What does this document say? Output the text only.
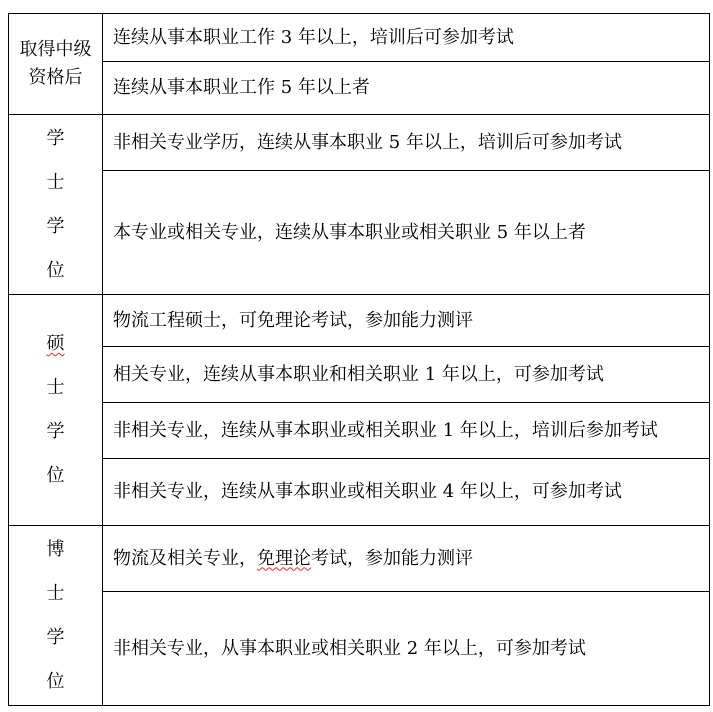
取得中级
资格后	连续从事本职业工作 3 年以上，培训后可参加考试
	连续从事本职业工作 5 年以上者

学
士
学
位	非相关专业学历，连续从事本职业 5 年以上，培训后可参加考试
	本专业或相关专业，连续从事本职业或相关职业 5 年以上者

硕
士
学
位	物流工程硕士，可免理论考试，参加能力测评
	相关专业，连续从事本职业和相关职业 1 年以上，可参加考试
	非相关专业，连续从事本职业或相关职业 1 年以上，培训后参加考试
	非相关专业，连续从事本职业或相关职业 4 年以上，可参加考试

博
士
学
位	物流及相关专业，免理论考试，参加能力测评
	非相关专业，从事本职业或相关职业 2 年以上，可参加考试
